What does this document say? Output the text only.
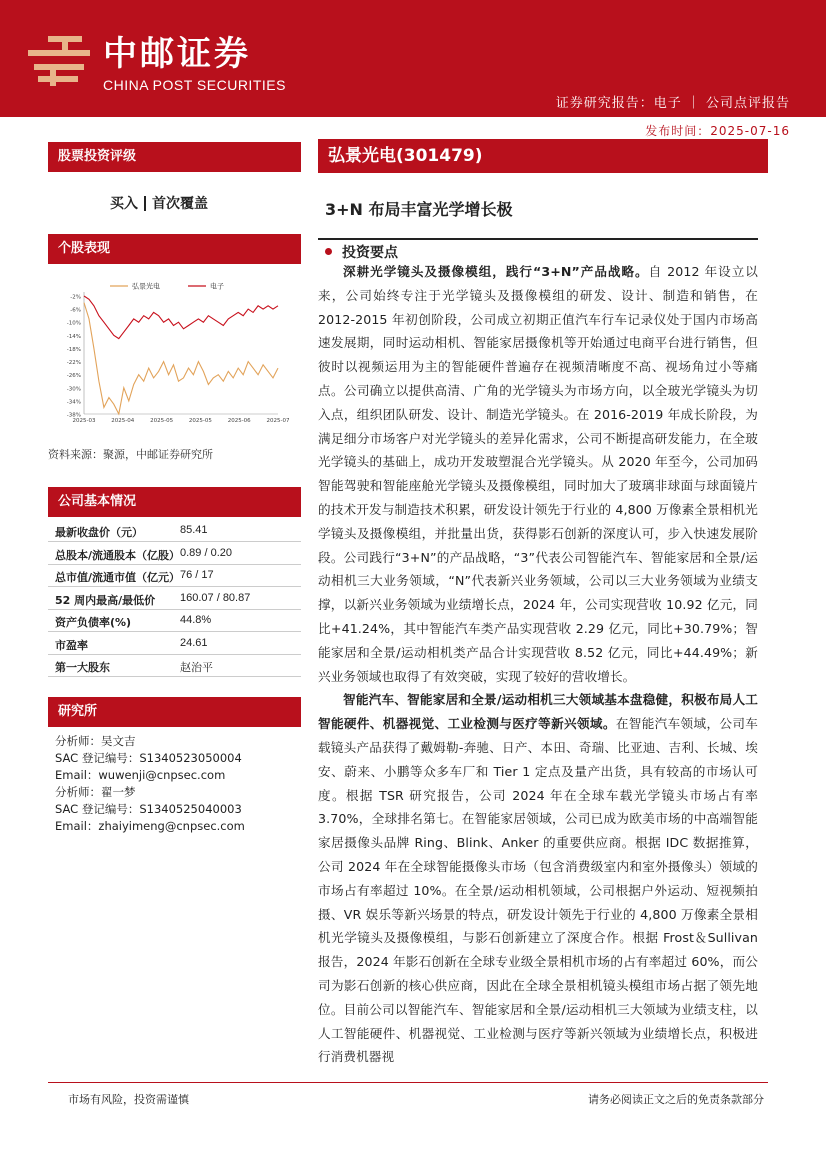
中邮证券
CHINA POST SECURITIES
证券研究报告：电子 ｜ 公司点评报告
发布时间：2025-07-16
股票投资评级
买入 首次覆盖
个股表现
-2%
-6%
-10%
-14%
-18%
-22%
-26%
-30%
-34%
-38%
2025-03	2025-04	2025-05	2025-05	2025-06	2025-07
弘景光电	电子
资料来源：聚源，中邮证券研究所
公司基本情况
最新收盘价（元）	85.41
总股本/流通股本（亿股） 0.89 / 0.20
总市值/流通市值（亿元） 76 / 17
52 周内最高/最低价	160.07 / 80.87
资产负债率(%)	44.8%
市盈率	24.61
第一大股东	赵治平
研究所
分析师：吴文吉
SAC 登记编号：S1340523050004
Email：wuwenji@cnpsec.com
分析师：翟一梦
SAC 登记编号：S1340525040003
Email：zhaiyimeng@cnpsec.com
弘景光电(301479)
3+N 布局丰富光学增长极
投资要点

深耕光学镜头及摄像模组，践行“3+N”产品战略。自 2012 年设立以来，公司始终专注于光学镜头及摄像模组的研发、设计、制造和销售，在 2012-2015 年初创阶段，公司成立初期正值汽车行车记录仪处于国内市场高速发展期，同时运动相机、智能家居摄像机等开始通过电商平台进行销售，但彼时以视频运用为主的智能硬件普遍存在视频清晰度不高、视场角过小等痛点。公司确立以提供高清、广角的光学镜头为市场方向，以全玻光学镜头为切入点，组织团队研发、设计、制造光学镜头。在 2016-2019 年成长阶段，为满足细分市场客户对光学镜头的差异化需求，公司不断提高研发能力，在全玻光学镜头的基础上，成功开发玻塑混合光学镜头。从 2020 年至今，公司加码智能驾驶和智能座舱光学镜头及摄像模组，同时加大了玻璃非球面与球面镜片的技术开发与制造技术积累，研发设计领先于行业的 4,800 万像素全景相机光学镜头及摄像模组，并批量出货，获得影石创新的深度认可，步入快速发展阶段。公司践行“3+N”的产品战略，“3”代表公司智能汽车、智能家居和全景/运动相机三大业务领域，“N”代表新兴业务领域，公司以三大业务领域为业绩支撑，以新兴业务领域为业绩增长点，2024 年，公司实现营收 10.92 亿元，同比+41.24%，其中智能汽车类产品实现营收 2.29 亿元，同比+30.79%；智能家居和全景/运动相机类产品合计实现营收 8.52 亿元，同比+44.49%；新兴业务领域也取得了有效突破，实现了较好的营收增长。

智能汽车、智能家居和全景/运动相机三大领域基本盘稳健，积极布局人工智能硬件、机器视觉、工业检测与医疗等新兴领域。在智能汽车领域，公司车载镜头产品获得了戴姆勒-奔驰、日产、本田、奇瑞、比亚迪、吉利、长城、埃安、蔚来、小鹏等众多车厂和 Tier 1 定点及量产出货，具有较高的市场认可度。根据 TSR 研究报告，公司 2024 年在全球车载光学镜头市场占有率 3.70%，全球排名第七。在智能家居领域，公司已成为欧美市场的中高端智能家居摄像头品牌 Ring、Blink、Anker 的重要供应商。根据 IDC 数据推算，公司 2024 年在全球智能摄像头市场（包含消费级室内和室外摄像头）领域的市场占有率超过 10%。在全景/运动相机领域，公司根据户外运动、短视频拍摄、VR 娱乐等新兴场景的特点，研发设计领先于行业的 4,800 万像素全景相机光学镜头及摄像模组，与影石创新建立了深度合作。根据 Frost＆Sullivan 报告，2024 年影石创新在全球专业级全景相机市场的占有率超过 60%，而公司为影石创新的核心供应商，因此在全球全景相机镜头模组市场占据了领先地位。目前公司以智能汽车、智能家居和全景/运动相机三大领域为业绩支柱，以人工智能硬件、机器视觉、工业检测与医疗等新兴领域为业绩增长点，积极进行消费机器视

市场有风险，投资需谨慎	请务必阅读正文之后的免责条款部分
